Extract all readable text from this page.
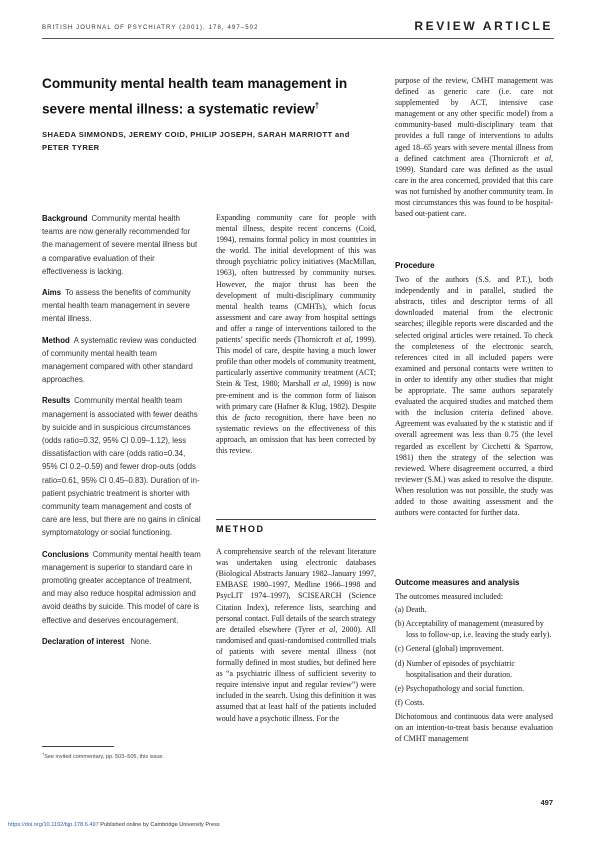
BRITISH JOURNAL OF PSYCHIATRY (2001), 178, 497–502	REVIEW ARTICLE
Community mental health team management in severe mental illness: a systematic review†
SHAEDA SIMMONDS, JEREMY COID, PHILIP JOSEPH, SARAH MARRIOTT and PETER TYRER

Background Community mental health teams are now generally recommended for the management of severe mental illness but a comparative evaluation of their effectiveness is lacking.

Aims To assess the benefits of community mental health team management in severe mental illness.

Method A systematic review was conducted of community mental health team management compared with other standard approaches.

Results Community mental health team management is associated with fewer deaths by suicide and in suspicious circumstances (odds ratio=0.32, 95% CI 0.09–1.12), less dissatisfaction with care (odds ratio=0.34, 95% CI 0.2–0.59) and fewer drop-outs (odds ratio=0.61, 95% CI 0.45–0.83). Duration of in-patient psychiatric treatment is shorter with community team management and costs of care are less, but there are no gains in clinical symptomatology or social functioning.

Conclusions Community mental health team management is superior to standard care in promoting greater acceptance of treatment, and may also reduce hospital admission and avoid deaths by suicide. This model of care is effective and deserves encouragement.

Declaration of interest None.

†See invited commentary, pp. 503–505, this issue.

Expanding community care for people with mental illness, despite recent concerns (Coid, 1994), remains formal policy in most countries in the world. The initial development of this was through psychiatric policy initiatives (MacMillan, 1963), often buttressed by community nurses. However, the major thrust has been the development of multi-disciplinary community mental health teams (CMHTs), which focus assessment and care away from hospital settings and offer a range of interventions tailored to the patients’ specific needs (Thornicroft et al, 1999). This model of care, despite having a much lower profile than other models of community treatment, particularly assertive community treatment (ACT; Stein & Test, 1980; Marshall et al, 1999) is now pre-eminent and is the common form of liaison with primary care (Hafner & Klug, 1982). Despite this de facto recognition, there have been no systematic reviews on the effectiveness of this approach, an omission that has been corrected by this review.

METHOD

A comprehensive search of the relevant literature was undertaken using electronic databases (Biological Abstracts January 1982–January 1997, EMBASE 1980–1997, Medline 1966–1998 and PsycLIT 1974–1997), SCISEARCH (Science Citation Index), reference lists, searching and personal contact. Full details of the search strategy are detailed elsewhere (Tyrer et al, 2000). All randomised and quasi-randomised controlled trials of patients with severe mental illness (not formally defined in most studies, but defined here as “a psychiatric illness of sufficient severity to require intensive input and regular review”) were included in the search. Using this definition it was assumed that at least half of the patients included would have a psychotic illness. For the

purpose of the review, CMHT management was defined as generic care (i.e. care not supplemented by ACT, intensive case management or any other specific model) from a community-based multi-disciplinary team that provides a full range of interventions to adults aged 18–65 years with severe mental illness from a defined catchment area (Thornicroft et al, 1999). Standard care was defined as the usual care in the area concerned, provided that this care was not furnished by another community team. In most circumstances this was found to be hospital-based out-patient care.

Procedure

Two of the authors (S.S. and P.T.), both independently and in parallel, studied the abstracts, titles and descriptor terms of all downloaded material from the electronic searches; illegible reports were discarded and the selected original articles were retained. To check the completeness of the electronic search, references cited in all included papers were examined and personal contacts were written to in order to identify any other studies that might be appropriate. The same authors separately evaluated the acquired studies and matched them with the inclusion criteria defined above. Agreement was evaluated by the κ statistic and if overall agreement was less than 0.75 (the level regarded as excellent by Cicchetti & Sparrow, 1981) then the strategy of the selection was reviewed. Where disagreement occurred, a third reviewer (S.M.) was asked to resolve the dispute. When resolution was not possible, the study was added to those awaiting assessment and the authors were contacted for further data.

Outcome measures and analysis

The outcomes measured included:

(a) Death.
(b) Acceptability of management (measured by loss to follow-up, i.e. leaving the study early).
(c) General (global) improvement.
(d) Number of episodes of psychiatric hospitalisation and their duration.
(e) Psychopathology and social function.
(f) Costs.

Dichotomous and continuous data were analysed on an intention-to-treat basis because evaluation of CMHT management

497
https://doi.org/10.1192/bjp.178.6.497 Published online by Cambridge University Press
